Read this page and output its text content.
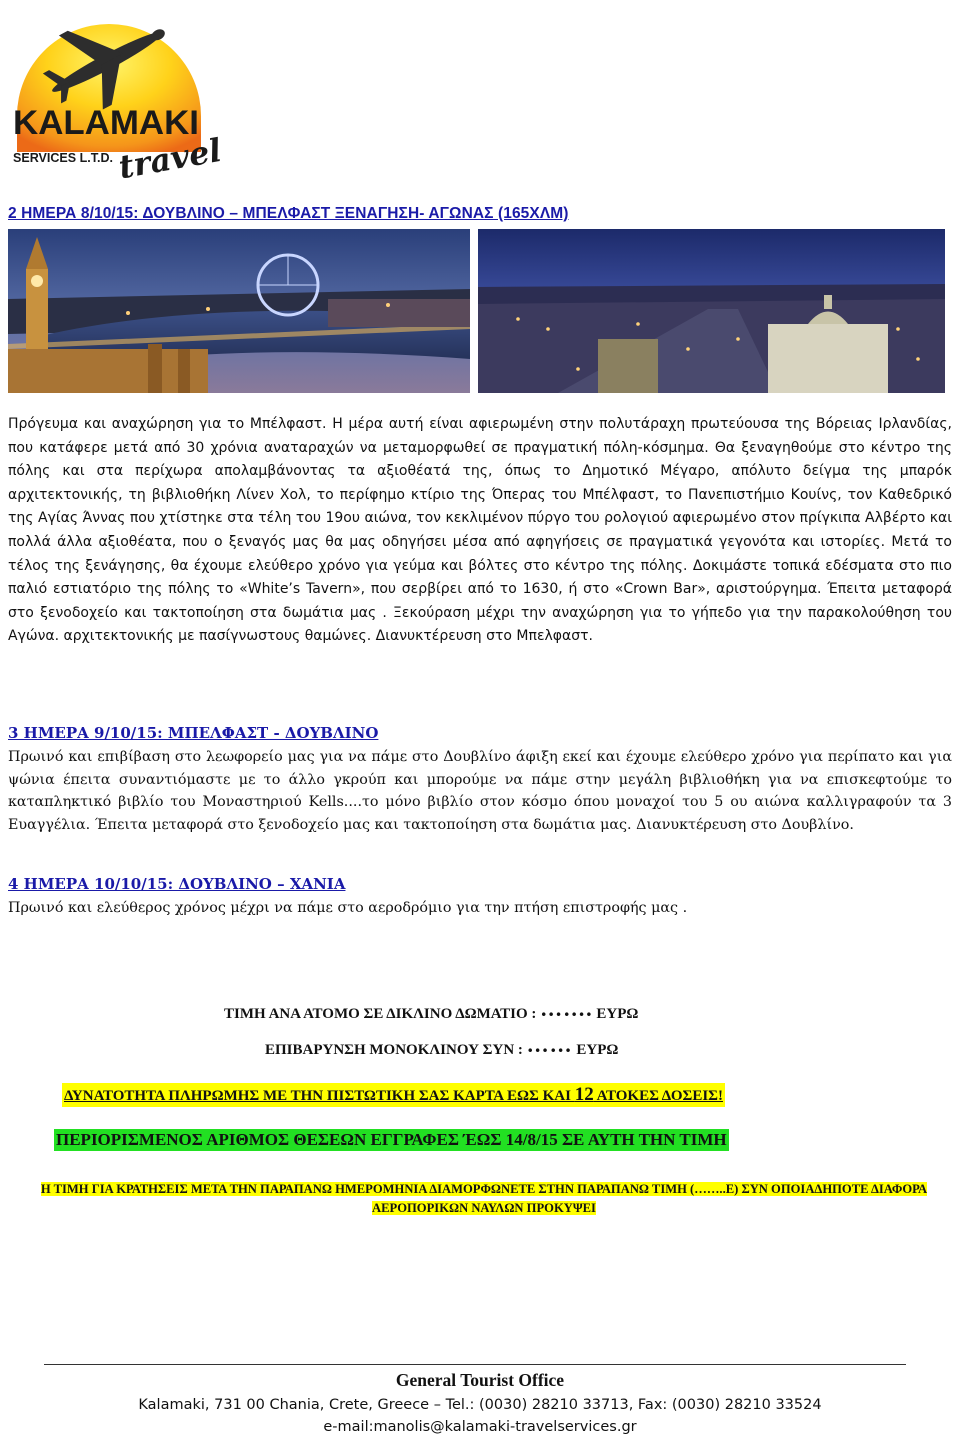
KALAMAKI
SERVICES L.T.D. travel
2 ΗΜΕΡΑ 8/10/15: ΔΟΥΒΛΙΝΟ – ΜΠΕΛΦΑΣΤ ΞΕΝΑΓΗΣΗ- ΑΓΩΝΑΣ (165ΧΛΜ)

Πρόγευμα και αναχώρηση για το Μπέλφαστ. Η μέρα αυτή είναι αφιερωμένη στην πολυτάραχη πρωτεύουσα της Βόρειας Ιρλανδίας, που κατάφερε μετά από 30 χρόνια αναταραχών να μεταμορφωθεί σε πραγματική πόλη-κόσμημα. Θα ξεναγηθούμε στο κέντρο της πόλης και στα περίχωρα απολαμβάνοντας τα αξιοθέατά της, όπως το Δημοτικό Μέγαρο, απόλυτο δείγμα της μπαρόκ αρχιτεκτονικής, τη βιβλιοθήκη Λίνεν Χολ, το περίφημο κτίριο της Όπερας του Μπέλφαστ, το Πανεπιστήμιο Κουίνς, τον Καθεδρικό της Αγίας Άννας που χτίστηκε στα τέλη του 19ου αιώνα, τον κεκλιμένον πύργο του ρολογιού αφιερωμένο στον πρίγκιπα Αλβέρτο και πολλά άλλα αξιοθέατα, που ο ξεναγός μας θα μας οδηγήσει μέσα από αφηγήσεις σε πραγματικά γεγονότα και ιστορίες. Μετά το τέλος της ξενάγησης, θα έχουμε ελεύθερο χρόνο για γεύμα και βόλτες στο κέντρο της πόλης. Δοκιμάστε τοπικά εδέσματα στο πιο παλιό εστιατόριο της πόλης το «White’s Tavern», που σερβίρει από το 1630, ή στο «Crown Bar», αριστούργημα. Έπειτα μεταφορά στο ξενοδοχείο και τακτοποίηση στα δωμάτια μας . Ξεκούραση μέχρι την αναχώρηση για το γήπεδο για την παρακολούθηση του Αγώνα. αρχιτεκτονικής με πασίγνωστους θαμώνες. Διανυκτέρευση στο Μπελφαστ.

3 ΗΜΕΡΑ 9/10/15: ΜΠΕΛΦΑΣΤ - ΔΟΥΒΛΙΝΟ

Πρωινό και επιβίβαση στο λεωφορείο μας για να πάμε στο Δουβλίνο άφιξη εκεί και έχουμε ελεύθερο χρόνο για περίπατο και για ψώνια έπειτα συναντιόμαστε με το άλλο γκρούπ και μπορούμε να πάμε στην μεγάλη βιβλιοθήκη για να επισκεφτούμε το καταπληκτικό βιβλίο του Μοναστηριού Kells....το μόνο βιβλίο στον κόσμο όπου μοναχοί του 5 ου αιώνα καλλιγραφούν τα 3 Ευαγγέλια. Έπειτα μεταφορά στο ξενοδοχείο μας και τακτοποίηση στα δωμάτια μας. Διανυκτέρευση στο Δουβλίνο.

4 ΗΜΕΡΑ 10/10/15: ΔΟΥΒΛΙΝΟ – ΧΑΝΙΑ

Πρωινό και ελεύθερος χρόνος μέχρι να πάμε στο αεροδρόμιο για την πτήση επιστροφής μας .

ΤΙΜΗ ΑΝΑ ΑΤΟΜΟ ΣΕ ΔΙΚΛΙΝΟ ΔΩΜΑΤΙΟ : ……. ΕΥΡΩ
ΕΠΙΒΑΡΥΝΣΗ ΜΟΝΟΚΛΙΝΟΥ ΣΥΝ : …… ΕΥΡΩ
ΔΥΝΑΤΟΤΗΤΑ ΠΛΗΡΩΜΗΣ ΜΕ ΤΗΝ ΠΙΣΤΩΤΙΚΗ ΣΑΣ ΚΑΡΤΑ ΕΩΣ ΚΑΙ 12 ΑΤΟΚΕΣ ΔΟΣΕΙΣ!
ΠΕΡΙΟΡΙΣΜΕΝΟΣ ΑΡΙΘΜΟΣ ΘΕΣΕΩΝ ΕΓΓΡΑΦΕΣ ΈΩΣ 14/8/15 ΣΕ ΑΥΤΗ ΤΗΝ ΤΙΜΗ
Η ΤΙΜΗ ΓΙΑ ΚΡΑΤΗΣΕΙΣ ΜΕΤΑ ΤΗΝ ΠΑΡΑΠΑΝΩ ΗΜΕΡΟΜΗΝΙΑ ΔΙΑΜΟΡΦΩΝΕΤΕ ΣΤΗΝ ΠΑΡΑΠΑΝΩ ΤΙΜΗ (……..Ε) ΣΥΝ ΟΠΟΙΑΔΗΠΟΤΕ ΔΙΑΦΟΡΑ ΑΕΡΟΠΟΡΙΚΩΝ ΝΑΥΛΩΝ ΠΡΟΚΥΨΕΙ
General Tourist Office
Kalamaki, 731 00 Chania, Crete, Greece – Tel.: (0030) 28210 33713, Fax: (0030) 28210 33524
e-mail:manolis@kalamaki-travelservices.gr
